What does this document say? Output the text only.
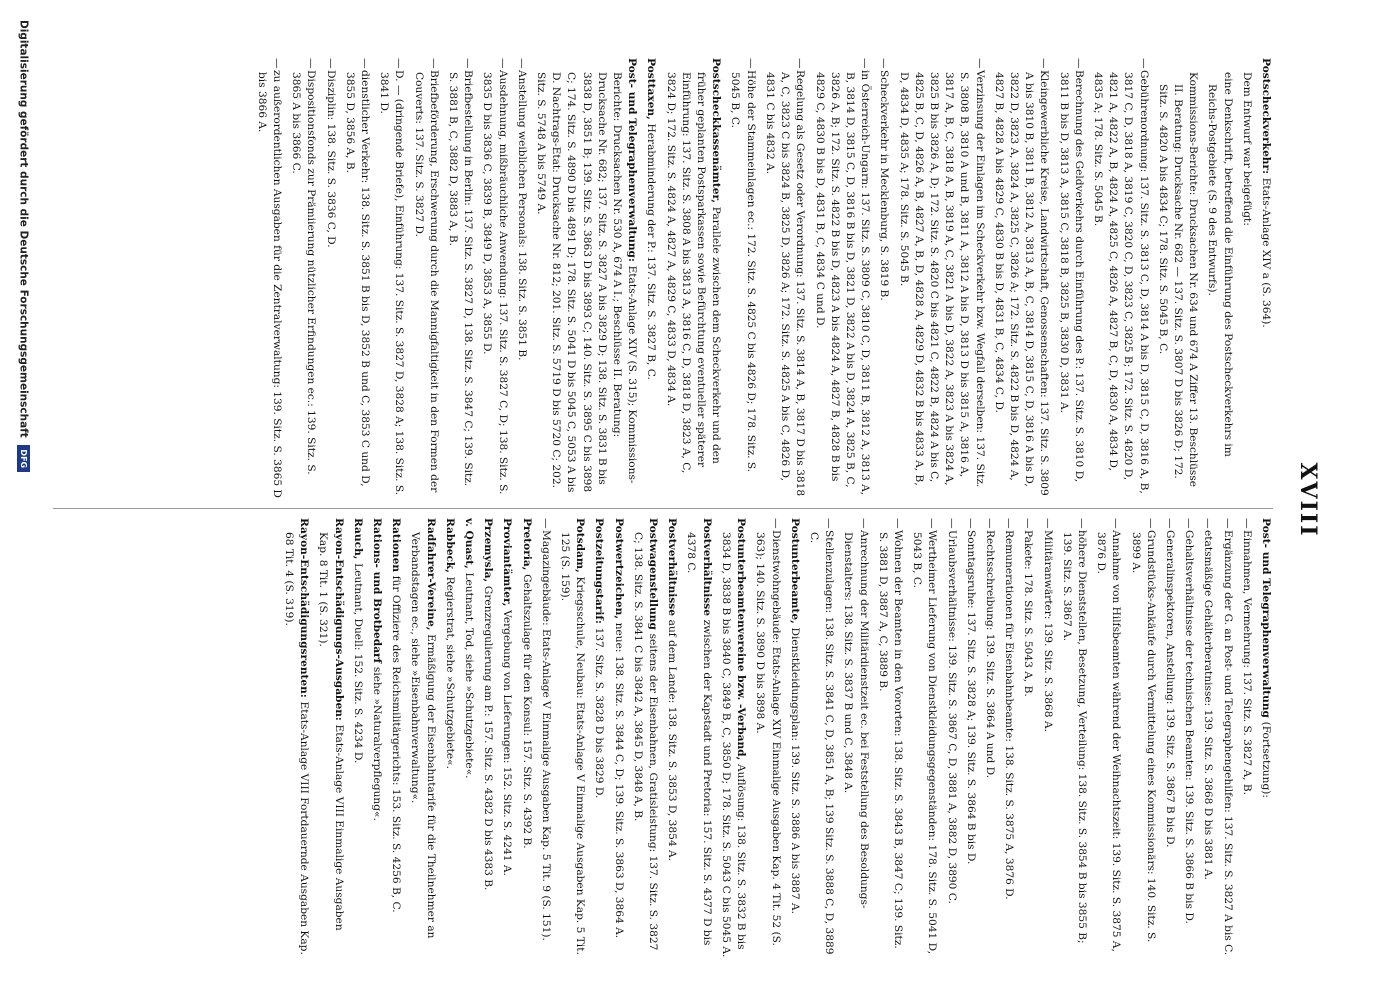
XVIII

Postscheckverkehr: Etats-Anlage XIV a (S. 364).

Dem Entwurf war beigefügt:

eine Denkschrift, betreffend die Einführung des Postscheckverkehrs im Reichs-Postgebiete (S. 9 des Entwurfs).

Kommissions-Berichte: Drucksachen Nr. 634 und 674 A Ziffer 13. Beschlüsse II. Beratung: Drucksache Nr. 682 — 137. Sitz. S. 3807 D bis 3826 D; 172. Sitz. S. 4820 A bis 4834 C; 178. Sitz. S. 5045 B, C.

—Gebührenordnung: 137. Sitz. S. 3813 C, D, 3814 A bis D, 3815 C, D, 3816 A, B, 3817 C, D, 3818 A, 3819 C, 3820 C, D, 3823 C, 3825 B; 172. Sitz. S. 4820 D, 4821 A, 4822 A, B, 4824 A, 4825 C, 4826 A, 4827 B, C, D, 4830 A, 4834 D, 4835 A; 178. Sitz. S. 5045 B.

—Berechnung des Geldverkehrs durch Einführung des P.: 137. Sitz. S. 3810 D, 3811 B bis D, 3813 A, 3815 C, 3818 B, 3825 B, 3830 D, 3831 A.

—Kleingewerbliche Kreise, Landwirtschaft, Genossenschaften: 137. Sitz. S. 3809 A bis 3810 B, 3811 B, 3812 A, 3813 A, B, C, 3814 D, 3815 C, D, 3816 A bis D, 3822 D, 3823 A, 3824 A, 3825 C, 3826 A; 172. Sitz. S. 4822 B bis D, 4824 A, 4827 B, 4828 A bis 4829 C, 4830 B bis D, 4831 B, C, 4834 C, D.

—Verzinsung der Einlagen im Scheckverkehr bzw. Wegfall derselben: 137. Sitz. S. 3808 B, 3810 A und B, 3811 A, 3812 A bis D, 3813 D bis 3815 A, 3816 A, 3817 A, B, C, 3818 A, B, 3819 A, C, 3821 A bis D, 3822 A, 3823 A bis 3824 A, 3825 B bis 3826 A, D; 172. Sitz. S. 4820 C bis 4821 C, 4822 B, 4824 A bis C, 4825 B, C, D, 4826 A, B, 4827 A, B, D, 4828 A, 4829 D, 4832 B bis 4833 A, B, D, 4834 D, 4835 A; 178. Sitz. S. 5045 B.

—Scheckverkehr in Mecklenburg, S. 3819 B.

—in Österreich-Ungarn: 137. Sitz. S. 3809 C, 3810 C, D, 3811 B, 3812 A, 3813 A, B, 3814 D, 3815 C, D, 3816 B bis D, 3821 D, 3822 A bis D, 3824 A, 3825 B, C, 3826 A, B; 172. Sitz. S. 4822 B bis D, 4823 A bis 4824 A, 4827 B, 4828 B bis 4829 C, 4830 B bis D, 4831 B, C, 4834 C und D.

—Regelung als Gesetz oder Verordnung: 137. Sitz. S. 3814 A, B, 3817 D bis 3818 A, C, 3823 C bis 3824 B, 3825 D, 3826 A; 172. Sitz. S. 4825 A bis C, 4826 D, 4831 C bis 4832 A.

—Höhe der Stammeinlagen ec.: 172. Sitz. S. 4825 C bis 4826 D; 178. Sitz. S. 5045 B, C.

Postscheckkassenämter, Parallele zwischen dem Scheckverkehr und den früher geplanten Postsparkassen sowie Befürchtung eventueller späterer Einführung: 137. Sitz. S. 3808 A bis 3813 A, 3816 C, D, 3818 D, 3823 A, C, 3824 D; 172. Sitz. S. 4824 A, 4827 A, 4829 C, 4833 D, 4834 A.

Posttaxen, Herabminderung der P.: 137. Sitz. S. 3827 B, C.

Post- und Telegraphenverwaltung: Etats-Anlage XIV (S. 315); Kommissions-Berichte: Drucksachen Nr. 530 A, 674 A I.; Beschlüsse II. Beratung: Drucksache Nr. 682; 137. Sitz. S. 3827 A bis 3829 D; 138. Sitz. S. 3831 B bis 3838 D, 3851 B; 139. Sitz. S. 3863 D bis 3893 C; 140. Sitz. S. 3895 C bis 3898 C; 174. Sitz. S. 4890 D bis 4891 D; 178. Sitz. S. 5041 D bis 5045 C, 5053 A bis D. Nachtrags-Etat: Drucksache Nr. 812; 201. Sitz. S. 5719 D bis 5720 C; 202. Sitz. S. 5748 A bis 5749 A.

—Anstellung weiblichen Personals: 138. Sitz. S. 3851 B.

—Ausdehnung, mißbräuchliche Anwendung: 137. Sitz. S. 3827 C, D; 138. Sitz. S. 3835 D bis 3836 C, 3839 B, 3849 D, 3853 A, 3855 D.

—Briefbestellung in Berlin: 137. Sitz. S. 3827 D, 138. Sitz. S. 3847 C; 139. Sitz. S. 3881 B, C, 3882 D, 3883 A, B.

—Briefbeförderung, Erschwerung durch die Mannigfaltigkeit in den Formen der Couverts: 137. Sitz. S. 3827 D.

—D. — (dringende Briefe), Einführung: 137. Sitz. S. 3827 D, 3828 A; 138. Sitz. S. 3841 D.

—dienstlicher Verkehr: 138. Sitz. S. 3851 B bis D, 3852 B und C, 3853 C und D, 3855 D, 3856 A, B.

—Disziplin: 138. Sitz. S. 3836 C, D.

—Dispositionsfonds zur Prämiierung nützlicher Erfindungen ec.: 139. Sitz. S. 3865 A bis 3866 C.

—zu außerordentlichen Ausgaben für die Zentralverwaltung: 139. Sitz. S. 3865 D bis 3866 A.

Post- und Telegraphenverwaltung (Fortsetzung):

—Einnahmen, Vermehrung: 137. Sitz. S. 3827 A, B.

—Ergänzung der G. an Post- und Telegraphengehilfen: 137. Sitz. S. 3827 A bis C.

—etatsmäßige Gehälterberatnisse: 139. Sitz. S. 3868 D bis 3881 A.

—Gehaltsverhältnisse der technischen Beamten: 139. Sitz. S. 3866 B bis D.

—Generalinspektoren, Anstellung: 139. Sitz. S. 3867 B bis D.

—Grundstücks-Ankäufe durch Vermittelung eines Kommissionärs: 140. Sitz. S. 3899 A.

—Annahme von Hilfsbeamten während der Weihnachtszeit: 139. Sitz. S. 3875 A, 3876 D.

—höhere Dienststellen, Besetzung, Verteilung: 138. Sitz. S. 3854 B bis 3855 B; 139. Sitz. S. 3867 A.

—Militäranwärter: 139. Sitz. S. 3868 A.

—Pakete: 178. Sitz. S. 5043 A, B.

—Remunerationen für Eisenbahnbeamte: 138. Sitz. S. 3875 A, 3876 D.

—Rechtsschreibung: 139. Sitz. S. 3864 A und D.

—Sonntagsruhe: 137. Sitz. S. 3828 A; 139. Sitz. S. 3864 B bis D.

—Urlaubsverhältnisse: 139. Sitz. S. 3867 C, D, 3881 A, 3882 D, 3890 C.

—Wertheimer Lieferung von Dienstkleidungsgegenständen: 178. Sitz. S. 5041 D, 5043 B, C.

—Wohnen der Beamten in den Vororten: 138. Sitz. S. 3843 B, 3847 C; 139. Sitz. S. 3881 D, 3887 A, C, 3889 B.

—Anrechnung der Militärdienstzeit ec. bei Feststellung des Besoldungs-Dienstalters: 138. Sitz. S. 3837 B und C, 3848 A.

—Stellenzulagen: 138. Sitz. S. 3841 C, D, 3851 A, B; 139 Sitz. S. 3888 C, D, 3889 C.

Postunterbeamte, Dienstkleidungsplan: 139. Sitz. S. 3886 A bis 3887 A.

—Dienstwohngebäude: Etats-Anlage XIV Einmalige Ausgaben Kap. 4 Tit. 52 (S. 363); 140. Sitz. S. 3890 D bis 3898 A.

Postunterbeamtenvereine bzw. -Verband, Auflösung: 138. Sitz. S. 3832 B bis 3834 D, 3838 B bis 3840 C, 3849 B, C, 3850 D; 178. Sitz. S. 5043 C bis 5045 A.

Postverhältnisse zwischen der Kapstadt und Pretoria: 157. Sitz. S. 4377 D bis 4378 C.

Postverhältnisse auf dem Lande: 138. Sitz. S. 3853 D, 3854 A.

Postwagenstellung seitens der Eisenbahnen, Gratisleistung: 137. Sitz. S. 3827 C; 138. Sitz. S. 3841 C bis 3842 A, 3845 D, 3848 A, B.

Postwertzeichen, neue: 138. Sitz. S. 3844 C, D; 139. Sitz. S. 3863 D, 3864 A.

Postzeitungstarif: 137. Sitz. S. 3828 D bis 3829 D.

Potsdam, Kriegsschule, Neubau: Etats-Anlage V Einmalige Ausgaben Kap. 5 Tit. 125 (S. 159).

—Magazingebäude: Etats-Anlage V Einmalige Ausgaben Kap. 5 Tit. 9 (S. 151).

Pretoria, Gehaltszulage für den Konsul: 157. Sitz. S. 4392 B.

Proviantämter, Vergebung von Lieferungen: 152. Sitz. S. 4241 A.

Przemysla, Grenzregulierung am P.: 157. Sitz. S. 4382 D bis 4383 B.

v. Quast, Leutnant, Tod, siehe »Schutzgebiete«.

Rabbeck, Regierstrat, siehe »Schutzgebiete«.

Radfahrer-Vereine, Ermäßigung der Eisenbahntarife für die Theilnehmer an Verbandstagen ec., siehe »Eisenbahnverwaltung«.

Rationen für Offiziere des Reichsmilitärgerichts: 153. Sitz. S. 4256 B, C.

Rations- und Brotbedarf siehe »Naturalverpflegung«.

Rauch, Leutnant, Duell: 152. Sitz. S. 4234 D.

Rayon-Entschädigungs-Ausgaben: Etats-Anlage VIII Einmalige Ausgaben Kap. 8 Tit. 1 (S. 321).

Rayon-Entschädigungsrenten: Etats-Anlage VIII Fortdauernde Ausgaben Kap. 68 Tit. 4 (S. 319).

Digitalisierung gefördert durch die Deutsche Forschungsgemeinschaft DFG
